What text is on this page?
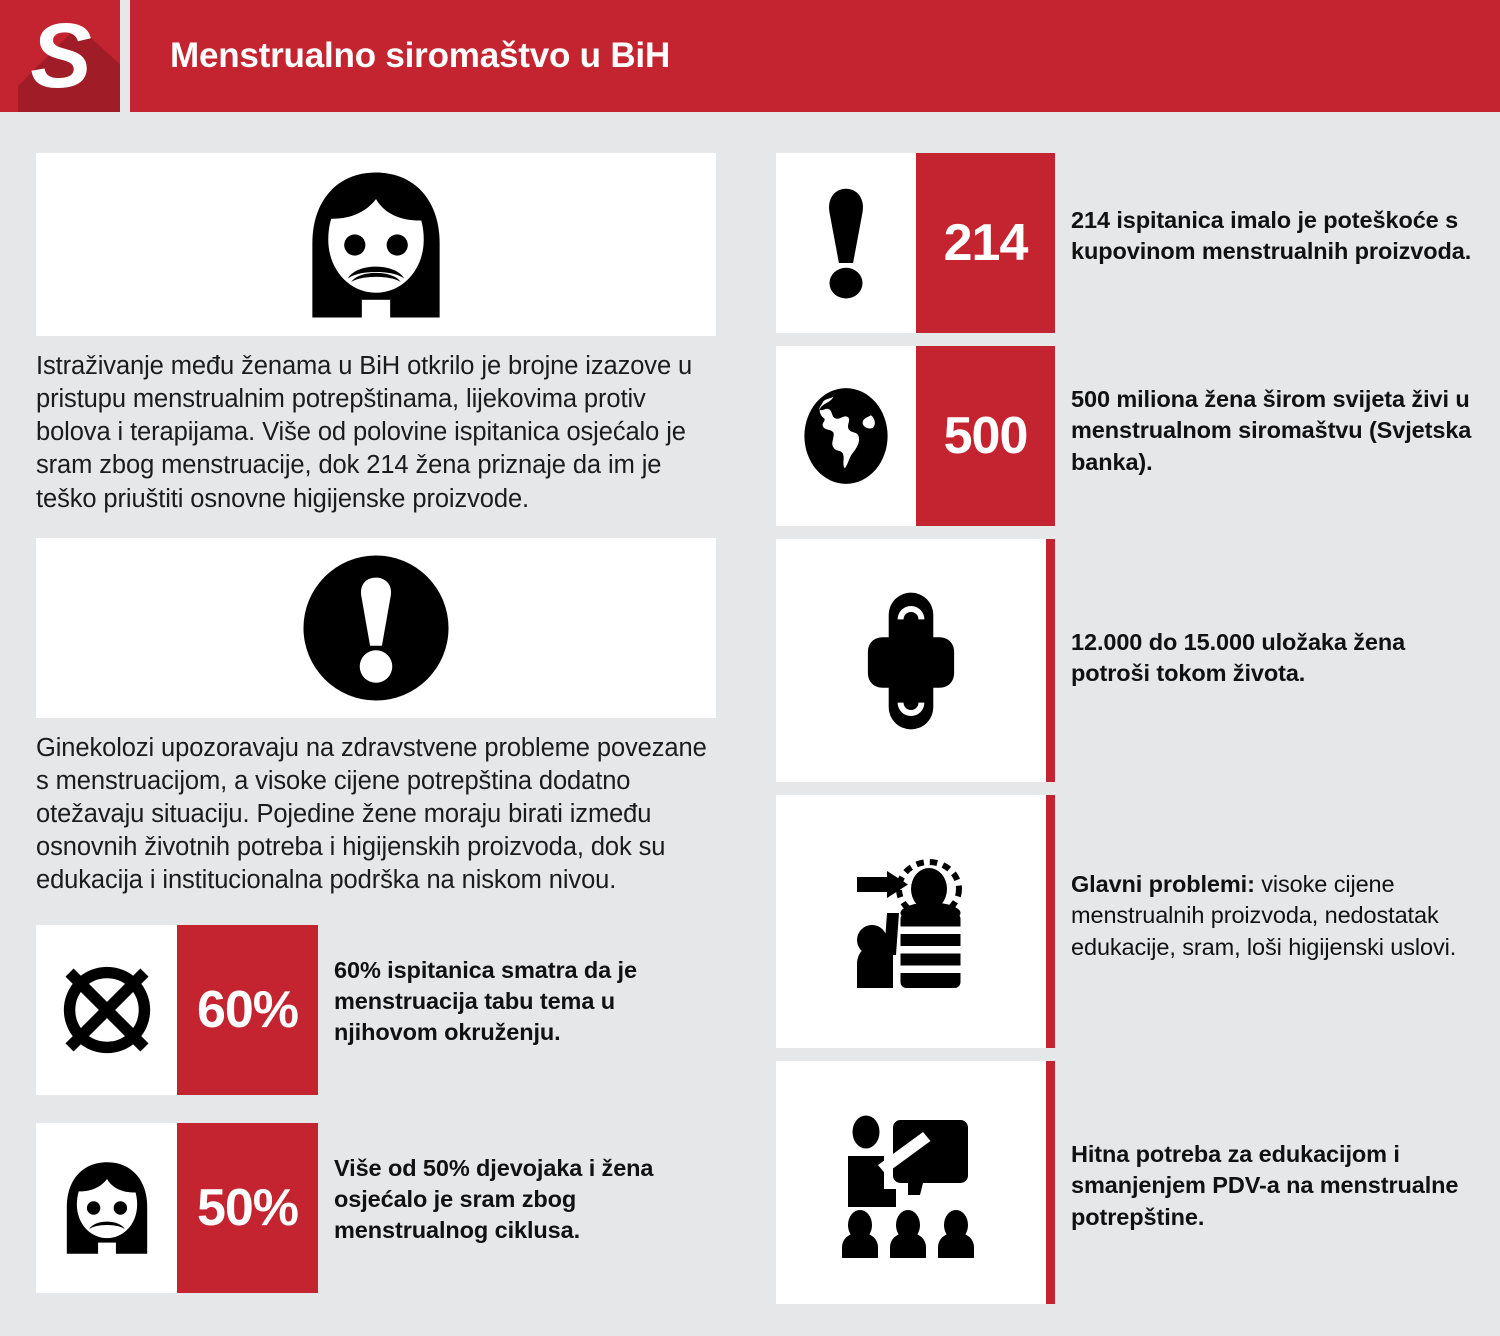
S	Menstrualno siromaštvo u BiH

Istraživanje među ženama u BiH otkrilo je brojne izazove u pristupu menstrualnim potrepštinama, lijekovima protiv bolova i terapijama. Više od polovine ispitanica osjećalo je sram zbog menstruacije, dok 214 žena priznaje da im je teško priuštiti osnovne higijenske proizvode.

Ginekolozi upozoravaju na zdravstvene probleme povezane s menstruacijom, a visoke cijene potrepština dodatno otežavaju situaciju. Pojedine žene moraju birati između osnovnih životnih potreba i higijenskih proizvoda, dok su edukacija i institucionalna podrška na niskom nivou.

60%
60% ispitanica smatra da je menstruacija tabu tema u njihovom okruženju.
50%
Više od 50% djevojaka i žena osjećalo je sram zbog menstrualnog ciklusa.
214	214 ispitanica imalo je poteškoće s kupovinom menstrualnih proizvoda.
500
500 miliona žena širom svijeta živi u menstrualnom siromaštvu (Svjetska banka).
12.000 do 15.000 uložaka žena potroši tokom života.
Glavni problemi: visoke cijene menstrualnih proizvoda, nedostatak edukacije, sram, loši higijenski uslovi.
Hitna potreba za edukacijom i smanjenjem PDV-a na menstrualne potrepštine.
